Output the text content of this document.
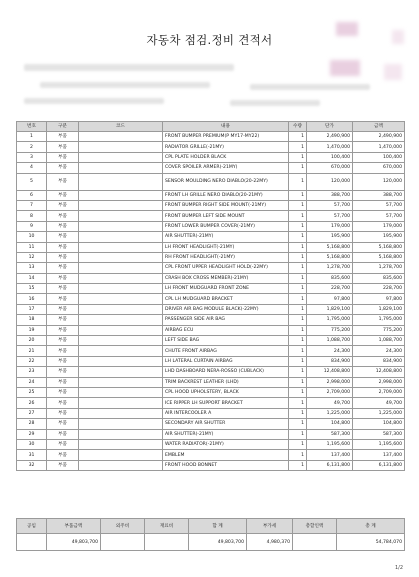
자동차 점검.정비 견적서
번호	구분	코드	내용	수량	단가	금액
1	부품		FRONT BUMPER PREMIUM(P MY17-MY22)	1	2,490,900	2,490,900
2	부품		RADIATOR GRILLE(-21MY)	1	1,470,000	1,470,000
3	부품		CPL PLATE HOLDER BLACK	1	100,400	100,400
4	부품		COVER SPOILER ARMER(-21MY)	1	670,000	670,000
5	부품		SENSOR MOULDING NERO DIABLO(20-22MY)	1	120,000	120,000
6	부품		FRONT LH GRILLE NERO DIABLO(20-21MY)	1	388,700	388,700
7	부품		FRONT BUMPER RIGHT SIDE MOUNT(-21MY)	1	57,700	57,700
8	부품		FRONT BUMPER LEFT SIDE MOUNT	1	57,700	57,700
9	부품		FRONT LOWER BUMPER COVER(-21MY)	1	179,000	179,000
10	부품		AIR SHUTTER(-21MY)	1	195,900	195,900
11	부품		LH FRONT HEADLIGHT(-21MY)	1	5,168,800	5,168,800
12	부품		RH FRONT HEADLIGHT(-21MY)	1	5,168,800	5,168,800
13	부품		CPL FRONT UPPER HEADLIGHT HOLD(-22MY)	1	1,278,700	1,278,700
14	부품		CRASH BOX CROSS MEMBER(-21MY)	1	835,600	835,600
15	부품		LH FRONT MUDGUARD FRONT ZONE	1	228,700	228,700
16	부품		CPL LH MUDGUARD BRACKET	1	97,800	97,800
17	부품		DRIVER AIR BAG MODULE BLACK(-22MY)	1	1,829,100	1,829,100
18	부품		PASSENGER SIDE AIR BAG	1	1,795,000	1,795,000
19	부품		AIRBAG ECU	1	775,200	775,200
20	부품		LEFT SIDE BAG	1	1,088,700	1,088,700
21	부품		CHUTE FRONT AIRBAG	1	24,300	24,300
22	부품		LH LATERAL CURTAIN AIRBAG	1	834,900	834,900
23	부품		LHD DASHBOARD NERA-ROSSO (CUBLACK)	1	12,408,800	12,408,800
24	부품		TRIM BACKREST LEATHER (LHD)	1	2,998,000	2,998,000
25	부품		CPL HOOD UPHOLSTERY, BLACK	1	2,709,000	2,709,000
26	부품		ICE RIPPER LH SUPPORT BRACKET	1	49,700	49,700
27	부품		AIR INTERCOOLER A	1	1,225,000	1,225,000
28	부품		SECONDARY AIR SHUTTER	1	104,800	104,800
29	부품		AIR SHUTTER(-21MY)	1	587,300	587,300
30	부품		WATER RADIATOR(-21MY)	1	1,195,600	1,195,600
31	부품		EMBLEM	1	137,400	137,400
32	부품		FRONT HOOD BONNET	1	6,131,800	6,131,800
공임	부품금액	외주비	재료비	합 계	부가세	총할인액	총 계
	49,803,700			49,803,700	4,980,370		54,784,070
1/2
